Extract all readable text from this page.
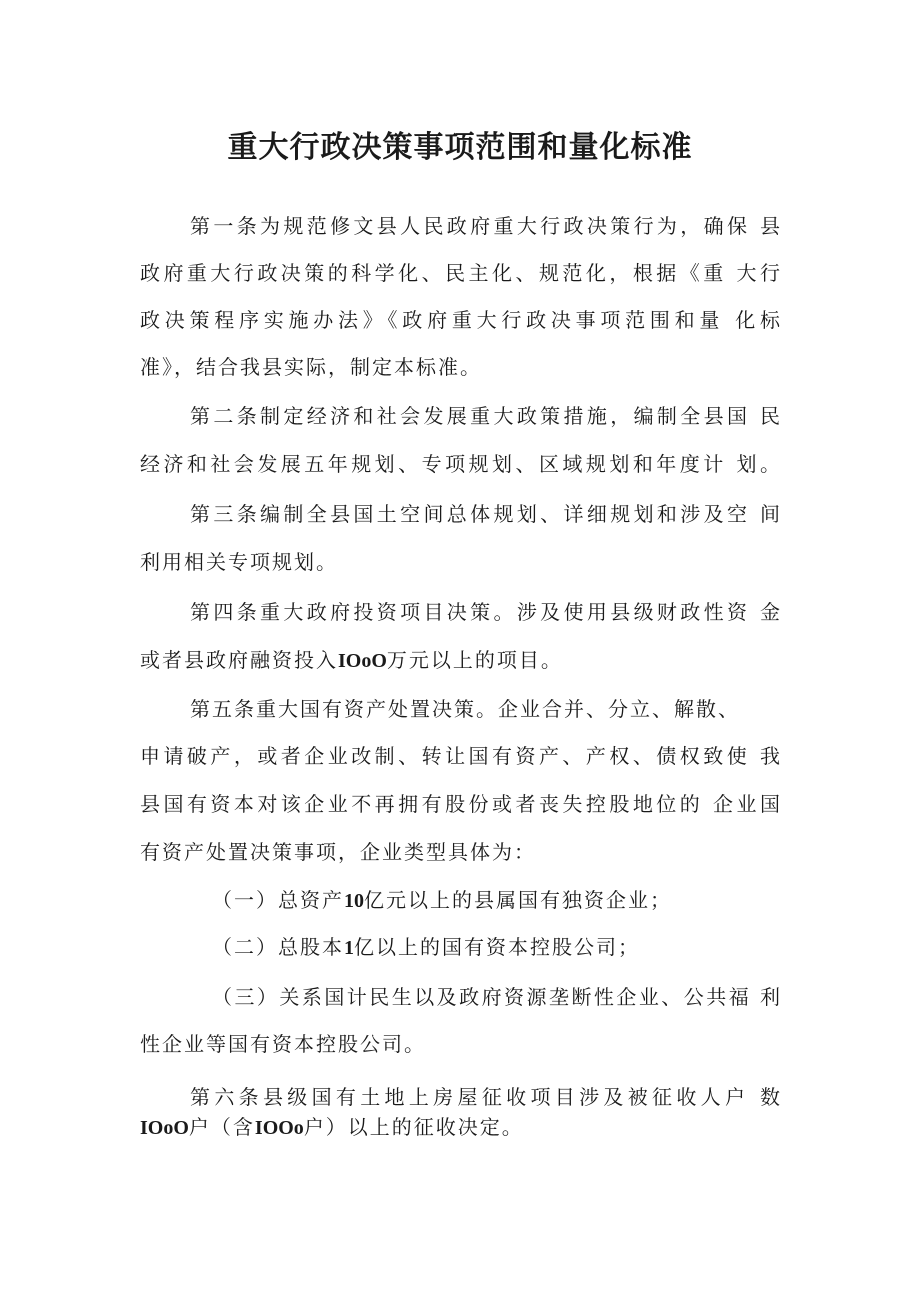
重大行政决策事项范围和量化标准

第一条为规范修文县人民政府重大行政决策行为，确保 县

政府重大行政决策的科学化、民主化、规范化，根据《重 大行

政决策程序实施办法》《政府重大行政决事项范围和量 化标

准》，结合我县实际，制定本标准。

第二条制定经济和社会发展重大政策措施，编制全县国 民

经济和社会发展五年规划、专项规划、区域规划和年度计 划。

第三条编制全县国土空间总体规划、详细规划和涉及空 间

利用相关专项规划。

第四条重大政府投资项目决策。涉及使用县级财政性资 金

或者县政府融资投入IOoO万元以上的项目。

第五条重大国有资产处置决策。企业合并、分立、解散、

申请破产，或者企业改制、转让国有资产、产权、债权致使 我

县国有资本对该企业不再拥有股份或者丧失控股地位的 企业国

有资产处置决策事项，企业类型具体为：

（一）总资产10亿元以上的县属国有独资企业；

（二）总股本1亿以上的国有资本控股公司；

（三）关系国计民生以及政府资源垄断性企业、公共福 利

性企业等国有资本控股公司。

第六条县级国有土地上房屋征收项目涉及被征收人户 数

IOoO户（含IOOo户）以上的征收决定。
